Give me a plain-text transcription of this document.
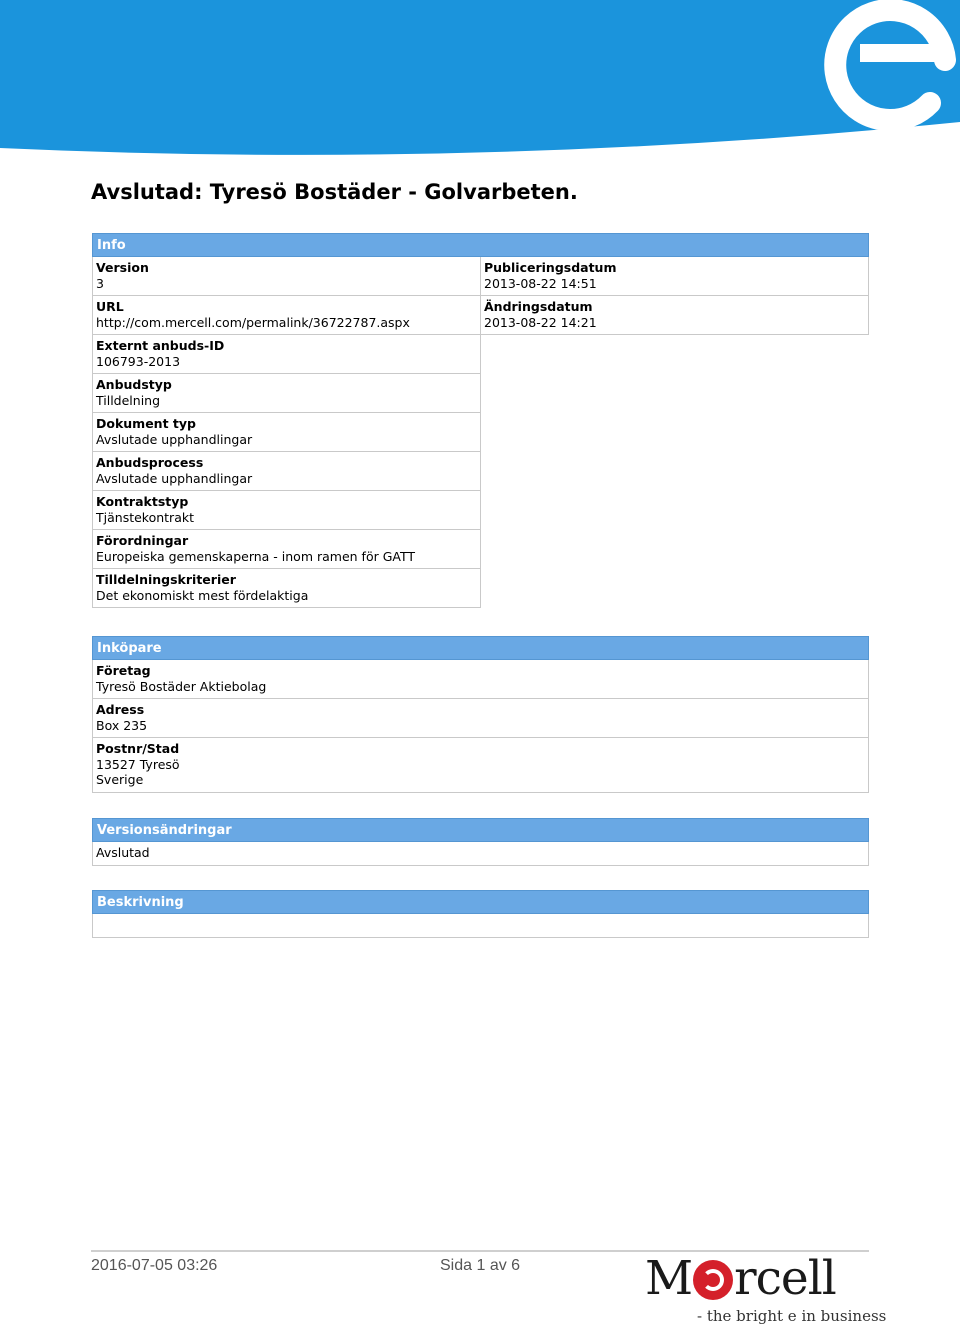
Avslutad: Tyresö Bostäder - Golvarbeten.
Info
Version
3
URL
http://com.mercell.com/permalink/36722787.aspx
Externt anbuds-ID
106793-2013
Anbudstyp
Tilldelning
Dokument typ
Avslutade upphandlingar
Anbudsprocess
Avslutade upphandlingar
Kontraktstyp
Tjänstekontrakt
Förordningar
Europeiska gemenskaperna - inom ramen för GATT
Tilldelningskriterier
Det ekonomiskt mest fördelaktiga
Publiceringsdatum
2013-08-22 14:51
Ändringsdatum
2013-08-22 14:21
Inköpare
Företag
Tyresö Bostäder Aktiebolag
Adress
Box 235
Postnr/Stad
13527 Tyresö
Sverige
Versionsändringar
Avslutad
Beskrivning
2016-07-05 03:26	Sida 1 av 6	M rcell
- the bright e in business
